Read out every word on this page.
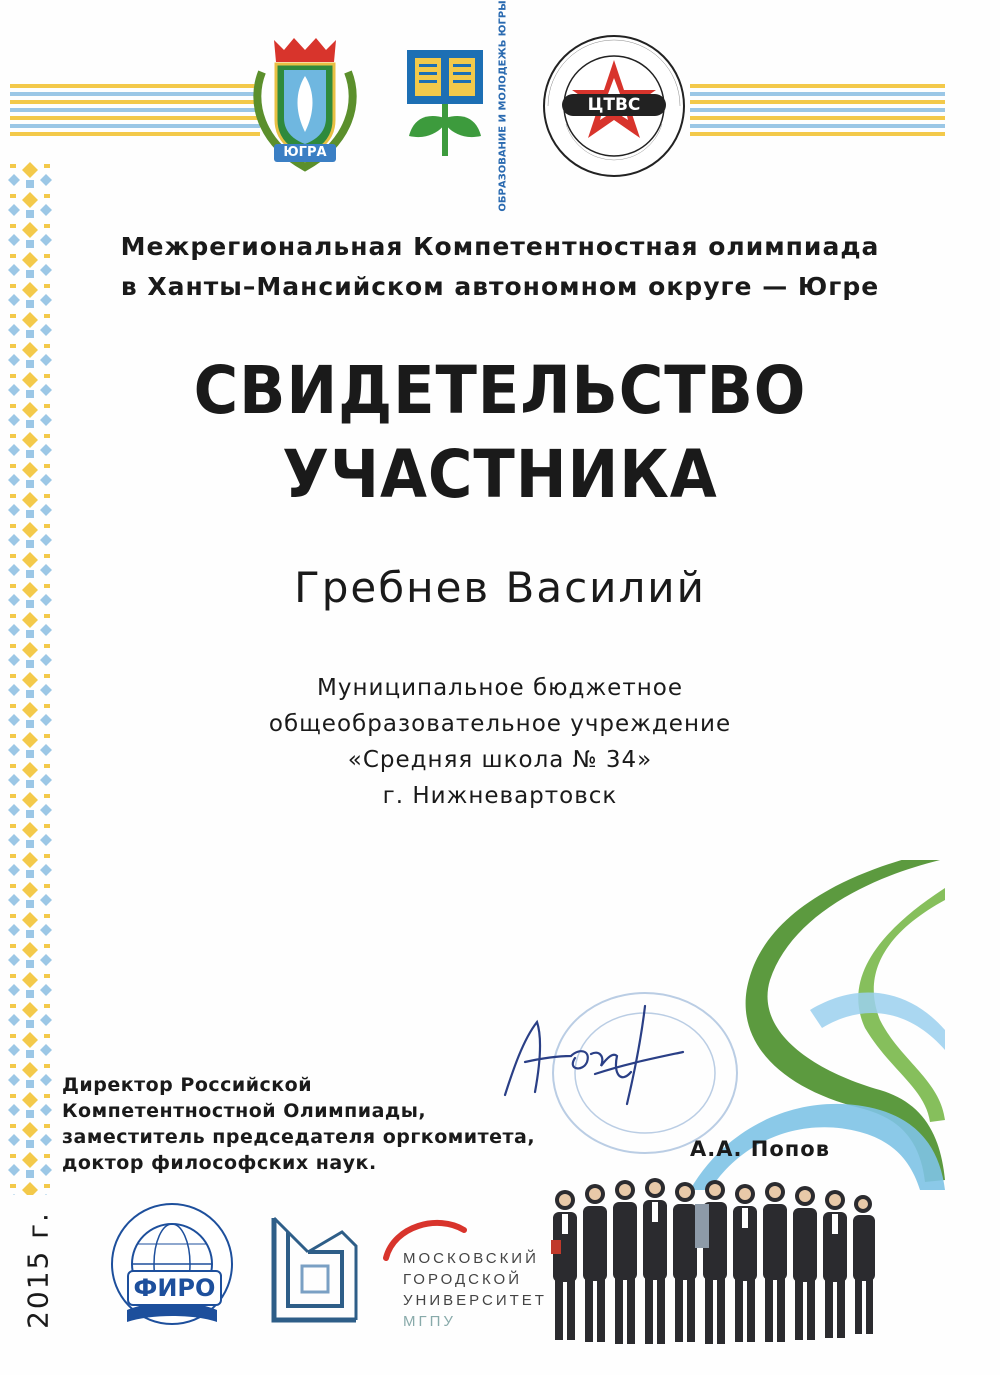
ЮГРА	ОБРАЗОВАНИЕ И МОЛОДЕЖЬ ЮГРЫ	ЦТВС
Межрегиональная Компетентностная олимпиада
в Ханты–Мансийском автономном округе — Югре
СВИДЕТЕЛЬСТВО
УЧАСТНИКА
Гребнев Василий
Муниципальное бюджетное
общеобразовательное учреждение
«Средняя школа № 34»
г. Нижневартовск
Директор Российской
Компетентностной Олимпиады,
заместитель председателя оргкомитета,
доктор философских наук.
А.А. Попов
2015 г.	ФИРО
МОСКОВСКИЙ
ГОРОДСКОЙ
УНИВЕРСИТЕТ
МГПУ
